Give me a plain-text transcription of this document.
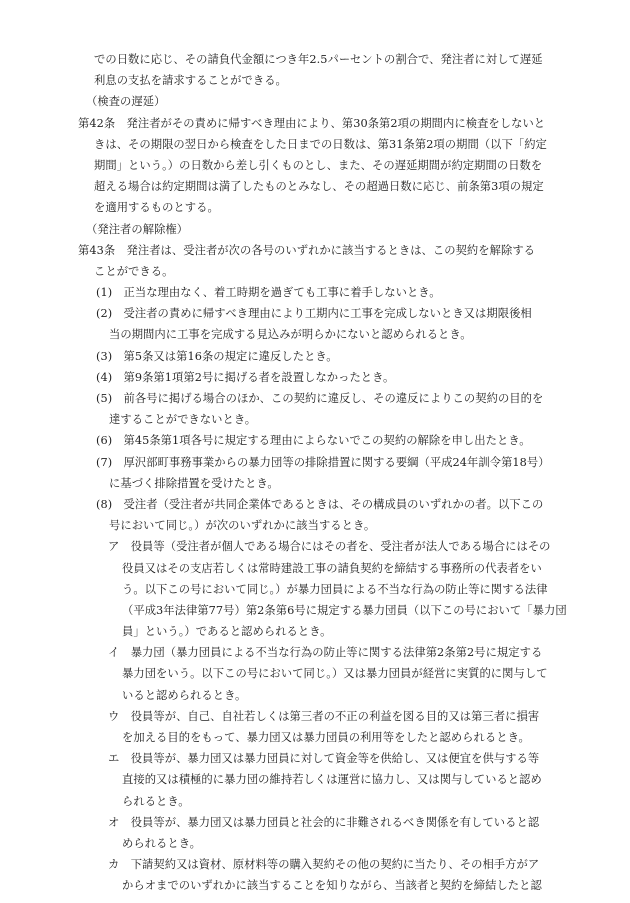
での日数に応じ、その請負代金額につき年2.5パーセントの割合で、発注者に対して遅延
利息の支払を請求することができる。
（検査の遅延）
第42条　発注者がその責めに帰すべき理由により、第30条第2項の期間内に検査をしないと
きは、その期限の翌日から検査をした日までの日数は、第31条第2項の期間（以下「約定
期間」という。）の日数から差し引くものとし、また、その遅延期間が約定期間の日数を
超える場合は約定期間は満了したものとみなし、その超過日数に応じ、前条第3項の規定
を適用するものとする。
（発注者の解除権）
第43条　発注者は、受注者が次の各号のいずれかに該当するときは、この契約を解除する
ことができる。
(1)　正当な理由なく、着工時期を過ぎても工事に着手しないとき。
(2)　受注者の責めに帰すべき理由により工期内に工事を完成しないとき又は期限後相
当の期間内に工事を完成する見込みが明らかにないと認められるとき。
(3)　第5条又は第16条の規定に違反したとき。
(4)　第9条第1項第2号に掲げる者を設置しなかったとき。
(5)　前各号に掲げる場合のほか、この契約に違反し、その違反によりこの契約の目的を
達することができないとき。
(6)　第45条第1項各号に規定する理由によらないでこの契約の解除を申し出たとき。
(7)　厚沢部町事務事業からの暴力団等の排除措置に関する要綱（平成24年訓令第18号）
に基づく排除措置を受けたとき。
(8)　受注者（受注者が共同企業体であるときは、その構成員のいずれかの者。以下この
号において同じ。）が次のいずれかに該当するとき。
ア　役員等（受注者が個人である場合にはその者を、受注者が法人である場合にはその
役員又はその支店若しくは常時建設工事の請負契約を締結する事務所の代表者をい
う。以下この号において同じ。）が暴力団員による不当な行為の防止等に関する法律
（平成3年法律第77号）第2条第6号に規定する暴力団員（以下この号において「暴力団
員」という。）であると認められるとき。
イ　暴力団（暴力団員による不当な行為の防止等に関する法律第2条第2号に規定する
暴力団をいう。以下この号において同じ。）又は暴力団員が経営に実質的に関与して
いると認められるとき。
ウ　役員等が、自己、自社若しくは第三者の不正の利益を図る目的又は第三者に損害
を加える目的をもって、暴力団又は暴力団員の利用等をしたと認められるとき。
エ　役員等が、暴力団又は暴力団員に対して資金等を供給し、又は便宜を供与する等
直接的又は積極的に暴力団の維持若しくは運営に協力し、又は関与していると認め
られるとき。
オ　役員等が、暴力団又は暴力団員と社会的に非難されるべき関係を有していると認
められるとき。
カ　下請契約又は資材、原材料等の購入契約その他の契約に当たり、その相手方がア
からオまでのいずれかに該当することを知りながら、当該者と契約を締結したと認
